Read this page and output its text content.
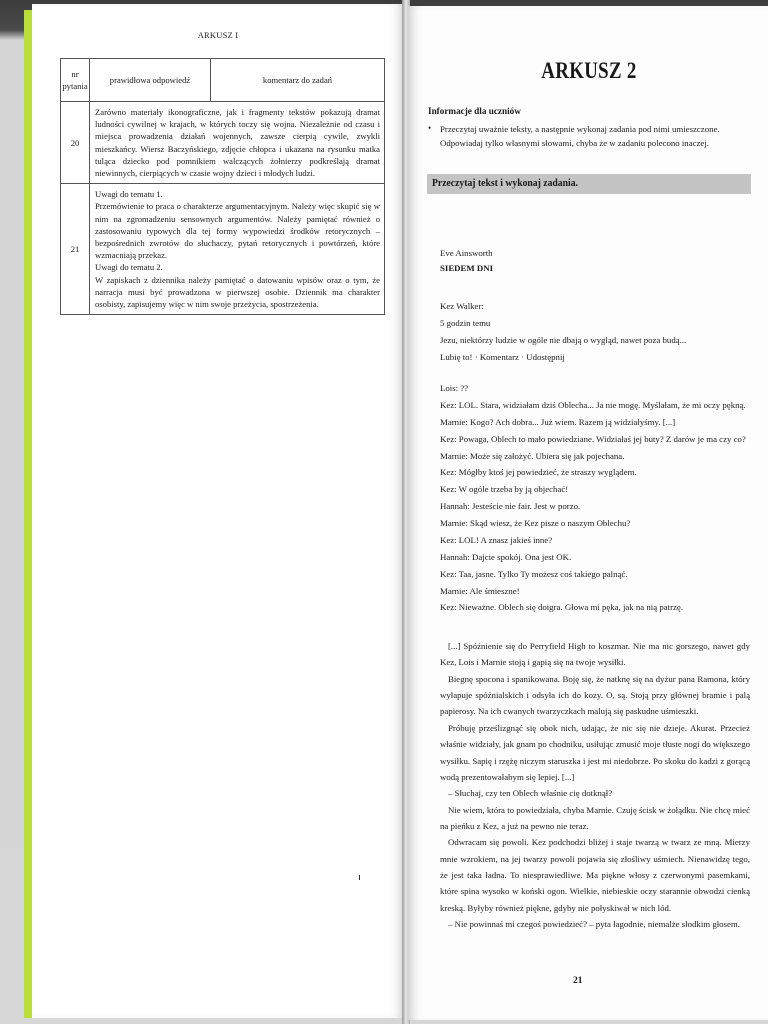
ARKUSZ I
nr pytania	prawidłowa odpowiedź	komentarz do zadań
20	Zarówno materiały ikonograficzne, jak i fragmenty tekstów pokazują dramat ludności cywilnej w krajach, w których toczy się wojna. Niezależnie od czasu i miejsca prowadzenia działań wojennych, zawsze cierpią cywile, zwykli mieszkańcy. Wiersz Baczyńskiego, zdjęcie chłopca i ukazana na rysunku matka tuląca dziecko pod pomnikiem walczących żołnierzy podkreślają dramat niewinnych, cierpiących w czasie wojny dzieci i młodych ludzi.	
21	Uwagi do tematu 1.
Przemówienie to praca o charakterze argumentacyjnym. Należy więc skupić się w nim na zgromadzeniu sensownych argumentów. Należy pamiętać również o zastosowaniu typowych dla tej formy wypowiedzi środków retorycznych – bezpośrednich zwrotów do słuchaczy, pytań retorycznych i powtórzeń, które wzmacniają przekaz.
Uwagi do tematu 2.
W zapiskach z dziennika należy pamiętać o datowaniu wpisów oraz o tym, że narracja musi być prowadzona w pierwszej osobie. Dziennik ma charakter osobisty, zapisujemy więc w nim swoje przeżycia, spostrzeżenia.	
ARKUSZ 2
Informacje dla uczniów
• Przeczytaj uważnie teksty, a następnie wykonaj zadania pod nimi umieszczone. Odpowiadaj tylko własnymi słowami, chyba że w zadaniu polecono inaczej.
Przeczytaj tekst i wykonaj zadania.
Eve Ainsworth
SIEDEM DNI
Kez Walker:
5 godzin temu
Jezu, niektórzy ludzie w ogóle nie dbają o wygląd, nawet poza budą...
Lubię to! · Komentarz · Udostępnij
Lois: ??
Kez: LOL. Stara, widziałam dziś Oblecha... Ja nie mogę. Myślałam, że mi oczy pękną.
Marnie: Kogo? Ach dobra... Już wiem. Razem ją widziałyśmy. [...]
Kez: Powaga, Oblech to mało powiedziane. Widziałaś jej buty? Z darów je ma czy co?
Marnie: Może się założyć. Ubiera się jak pojechana.
Kez: Mógłby ktoś jej powiedzieć, że straszy wyglądem.
Kez: W ogóle trzeba by ją objechać!
Hannah: Jesteście nie fair. Jest w porzo.
Marnie: Skąd wiesz, że Kez pisze o naszym Oblechu?
Kez: LOL! A znasz jakieś inne?
Hannah: Dajcie spokój. Ona jest OK.
Kez: Taa, jasne. Tylko Ty możesz coś takiego palnąć.
Marnie: Ale śmieszne!
Kez: Nieważne. Oblech się doigra. Głowa mi pęka, jak na nią patrzę.

[...] Spóźnienie się do Perryfield High to koszmar. Nie ma nic gorszego, nawet gdy Kez, Lois i Marnie stoją i gapią się na twoje wysiłki.

Biegnę spocona i spanikowana. Boję się, że natknę się na dyżur pana Ramona, który wyłapuje spóźnialskich i odsyła ich do kozy. O, są. Stoją przy głównej bramie i palą papierosy. Na ich cwanych twarzyczkach malują się paskudne uśmieszki.

Próbuję prześlizgnąć się obok nich, udając, że nic się nie dzieje. Akurat. Przecież właśnie widziały, jak gnam po chodniku, usiłując zmusić moje tłuste nogi do większego wysiłku. Sapię i rzężę niczym staruszka i jest mi niedobrze. Po skoku do kadzi z gorącą wodą prezentowałabym się lepiej. [...]

– Słuchaj, czy ten Oblech właśnie cię dotknął?

Nie wiem, która to powiedziała, chyba Marnie. Czuję ścisk w żołądku. Nie chcę mieć na pieńku z Kez, a już na pewno nie teraz.

Odwracam się powoli. Kez podchodzi bliżej i staje twarzą w twarz ze mną. Mierzy mnie wzrokiem, na jej twarzy powoli pojawia się złośliwy uśmiech. Nienawidzę tego, że jest taka ładna. To niesprawiedliwe. Ma piękne włosy z czerwonymi pasemkami, które spina wysoko w koński ogon. Wielkie, niebieskie oczy starannie obwodzi cienką kreską. Byłyby również piękne, gdyby nie połyskiwał w nich lód.

– Nie powinnaś mi czegoś powiedzieć? – pyta łagodnie, niemalże słodkim głosem.

21
